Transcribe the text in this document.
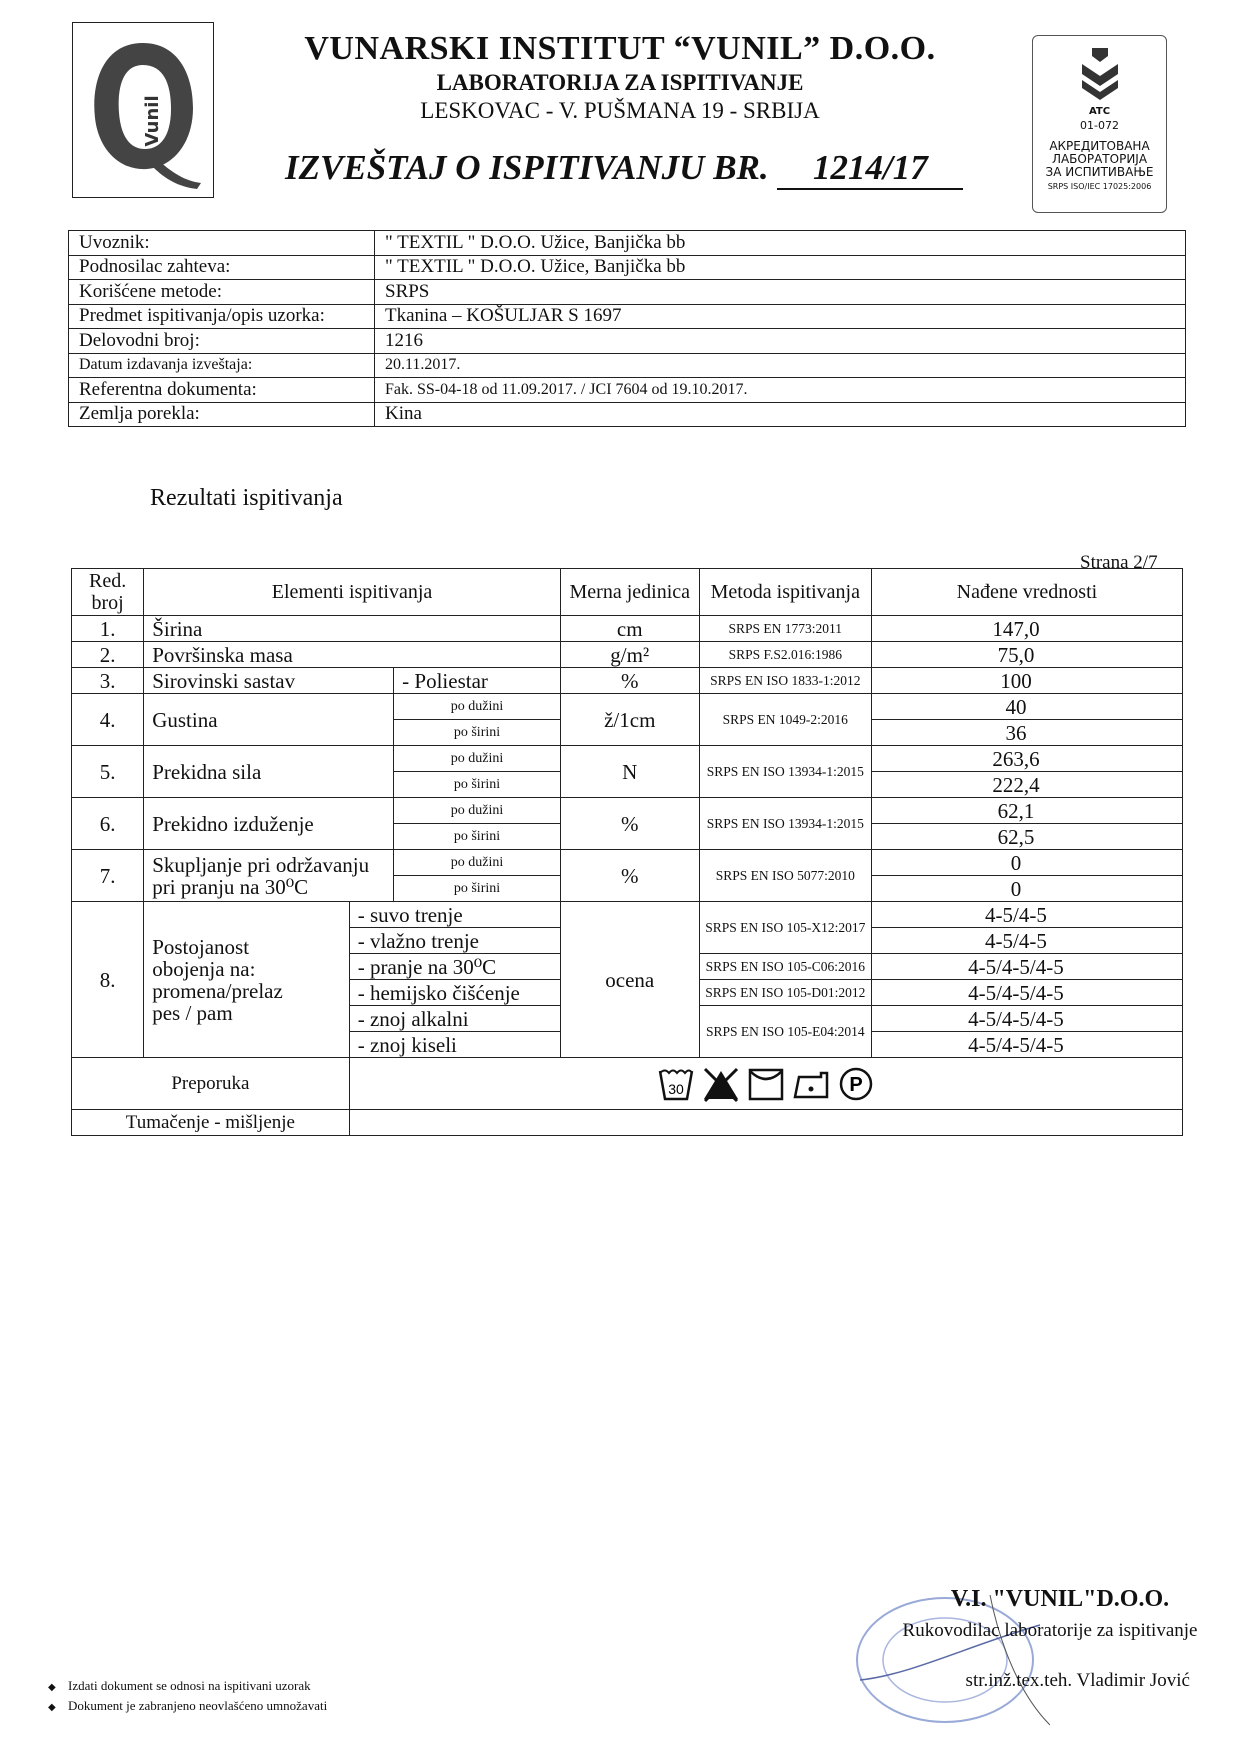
Vunil
VUNARSKI INSTITUT “VUNIL” D.O.O.
LABORATORIJA ZA ISPITIVANJE
LESKOVAC - V. PUŠMANA 19 - SRBIJA
IZVEŠTAJ O ISPITIVANJU BR. 1214/17
ATC
01-072
АКРЕДИТОВАНА
ЛАБОРАТОРИЈА
ЗА ИСПИТИВАЊЕ
SRPS ISO/IEC 17025:2006
Uvoznik:	" TEXTIL " D.O.O. Užice, Banjička bb
Podnosilac zahteva:	" TEXTIL " D.O.O. Užice, Banjička bb
Korišćene metode:	SRPS
Predmet ispitivanja/opis uzorka:	Tkanina – KOŠULJAR S 1697
Delovodni broj:	1216
Datum izdavanja izveštaja:	20.11.2017.
Referentna dokumenta:	Fak. SS-04-18 od 11.09.2017. / JCI 7604 od 19.10.2017.
Zemlja porekla:	Kina
Rezultati ispitivanja
Strana 2/7
Red. broj	Elementi ispitivanja			Merna jedinica	Metoda ispitivanja	Nađene vrednosti
1.	Širina			cm	SRPS EN 1773:2011	147,0
2.	Površinska masa			g/m²	SRPS F.S2.016:1986	75,0
3.	Sirovinski sastav		- Poliestar	%	SRPS EN ISO 1833-1:2012	100
4.	Gustina		po dužini	ž/1cm	SRPS EN 1049-2:2016	40
			po širini			36
5.	Prekidna sila		po dužini	N	SRPS EN ISO 13934-1:2015	263,6
			po širini			222,4
6.	Prekidno izduženje		po dužini	%	SRPS EN ISO 13934-1:2015	62,1
			po širini			62,5
7.	Skupljanje pri održavanju
pri pranju na 30⁰C		po dužini	%	SRPS EN ISO 5077:2010	0
			po širini			0
8.	Postojanost
obojenja na:
promena/prelaz
pes / pam	- suvo trenje		ocena	SRPS EN ISO 105-X12:2017	4-5/4-5
		- vlažno trenje				4-5/4-5
		- pranje na 30⁰C			SRPS EN ISO 105-C06:2016	4-5/4-5/4-5
		- hemijsko čišćenje			SRPS EN ISO 105-D01:2012	4-5/4-5/4-5
		- znoj alkalni			SRPS EN ISO 105-E04:2014	4-5/4-5/4-5
		- znoj kiseli				4-5/4-5/4-5
Preporuka		30 P				

Tumačenje - mišljenje						
V.I. "VUNIL"D.O.O.
Rukovodilac laboratorije za ispitivanje
str.inž.tex.teh. Vladimir Jović
◆ Izdati dokument se odnosi na ispitivani uzorak
◆ Dokument je zabranjeno neovlašćeno umnožavati
